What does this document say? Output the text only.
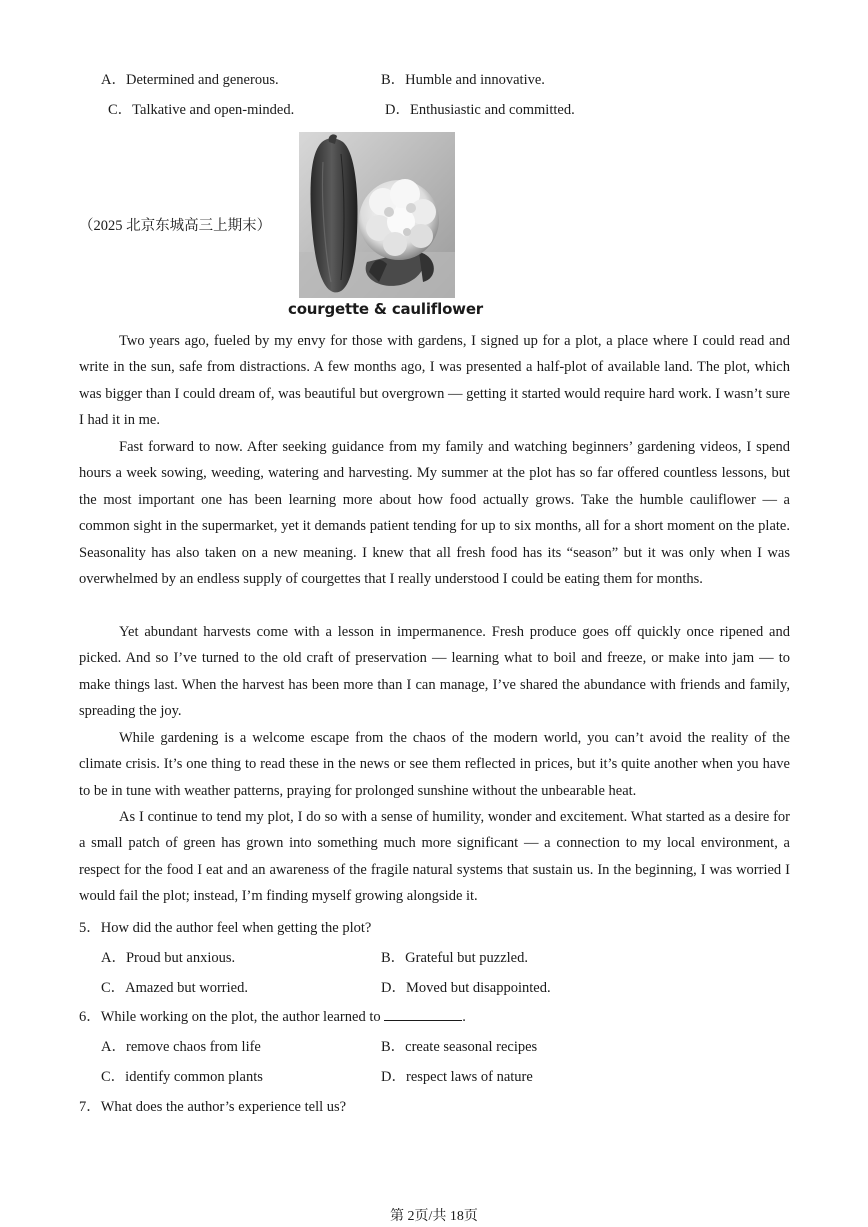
A．Determined and generous.	B．Humble and innovative.
C．Talkative and open-minded.	D．Enthusiastic and committed.
（2025 北京东城高三上期末）
courgette & cauliflower

Two years ago, fueled by my envy for those with gardens, I signed up for a plot, a place where I could read and write in the sun, safe from distractions. A few months ago, I was presented a half-plot of available land. The plot, which was bigger than I could dream of, was beautiful but overgrown — getting it started would require hard work. I wasn’t sure I had it in me.

Fast forward to now. After seeking guidance from my family and watching beginners’ gardening videos, I spend hours a week sowing, weeding, watering and harvesting. My summer at the plot has so far offered countless lessons, but the most important one has been learning more about how food actually grows. Take the humble cauliflower — a common sight in the supermarket, yet it demands patient tending for up to six months, all for a short moment on the plate. Seasonality has also taken on a new meaning. I knew that all fresh food has its “season” but it was only when I was overwhelmed by an endless supply of courgettes that I really understood I could be eating them for months.

Yet abundant harvests come with a lesson in impermanence. Fresh produce goes off quickly once ripened and picked. And so I’ve turned to the old craft of preservation — learning what to boil and freeze, or make into jam — to make things last. When the harvest has been more than I can manage, I’ve shared the abundance with friends and family, spreading the joy.

While gardening is a welcome escape from the chaos of the modern world, you can’t avoid the reality of the climate crisis. It’s one thing to read these in the news or see them reflected in prices, but it’s quite another when you have to be in tune with weather patterns, praying for prolonged sunshine without the unbearable heat.

As I continue to tend my plot, I do so with a sense of humility, wonder and excitement. What started as a desire for a small patch of green has grown into something much more significant — a connection to my local environment, a respect for the food I eat and an awareness of the fragile natural systems that sustain us. In the beginning, I was worried I would fail the plot; instead, I’m finding myself growing alongside it.

5．How did the author feel when getting the plot?
A．Proud but anxious.	B．Grateful but puzzled.
C．Amazed but worried.	D．Moved but disappointed.
6．While working on the plot, the author learned to	.
A．remove chaos from life	B．create seasonal recipes
C．identify common plants	D．respect laws of nature
7．What does the author’s experience tell us?
第 2页/共 18页
